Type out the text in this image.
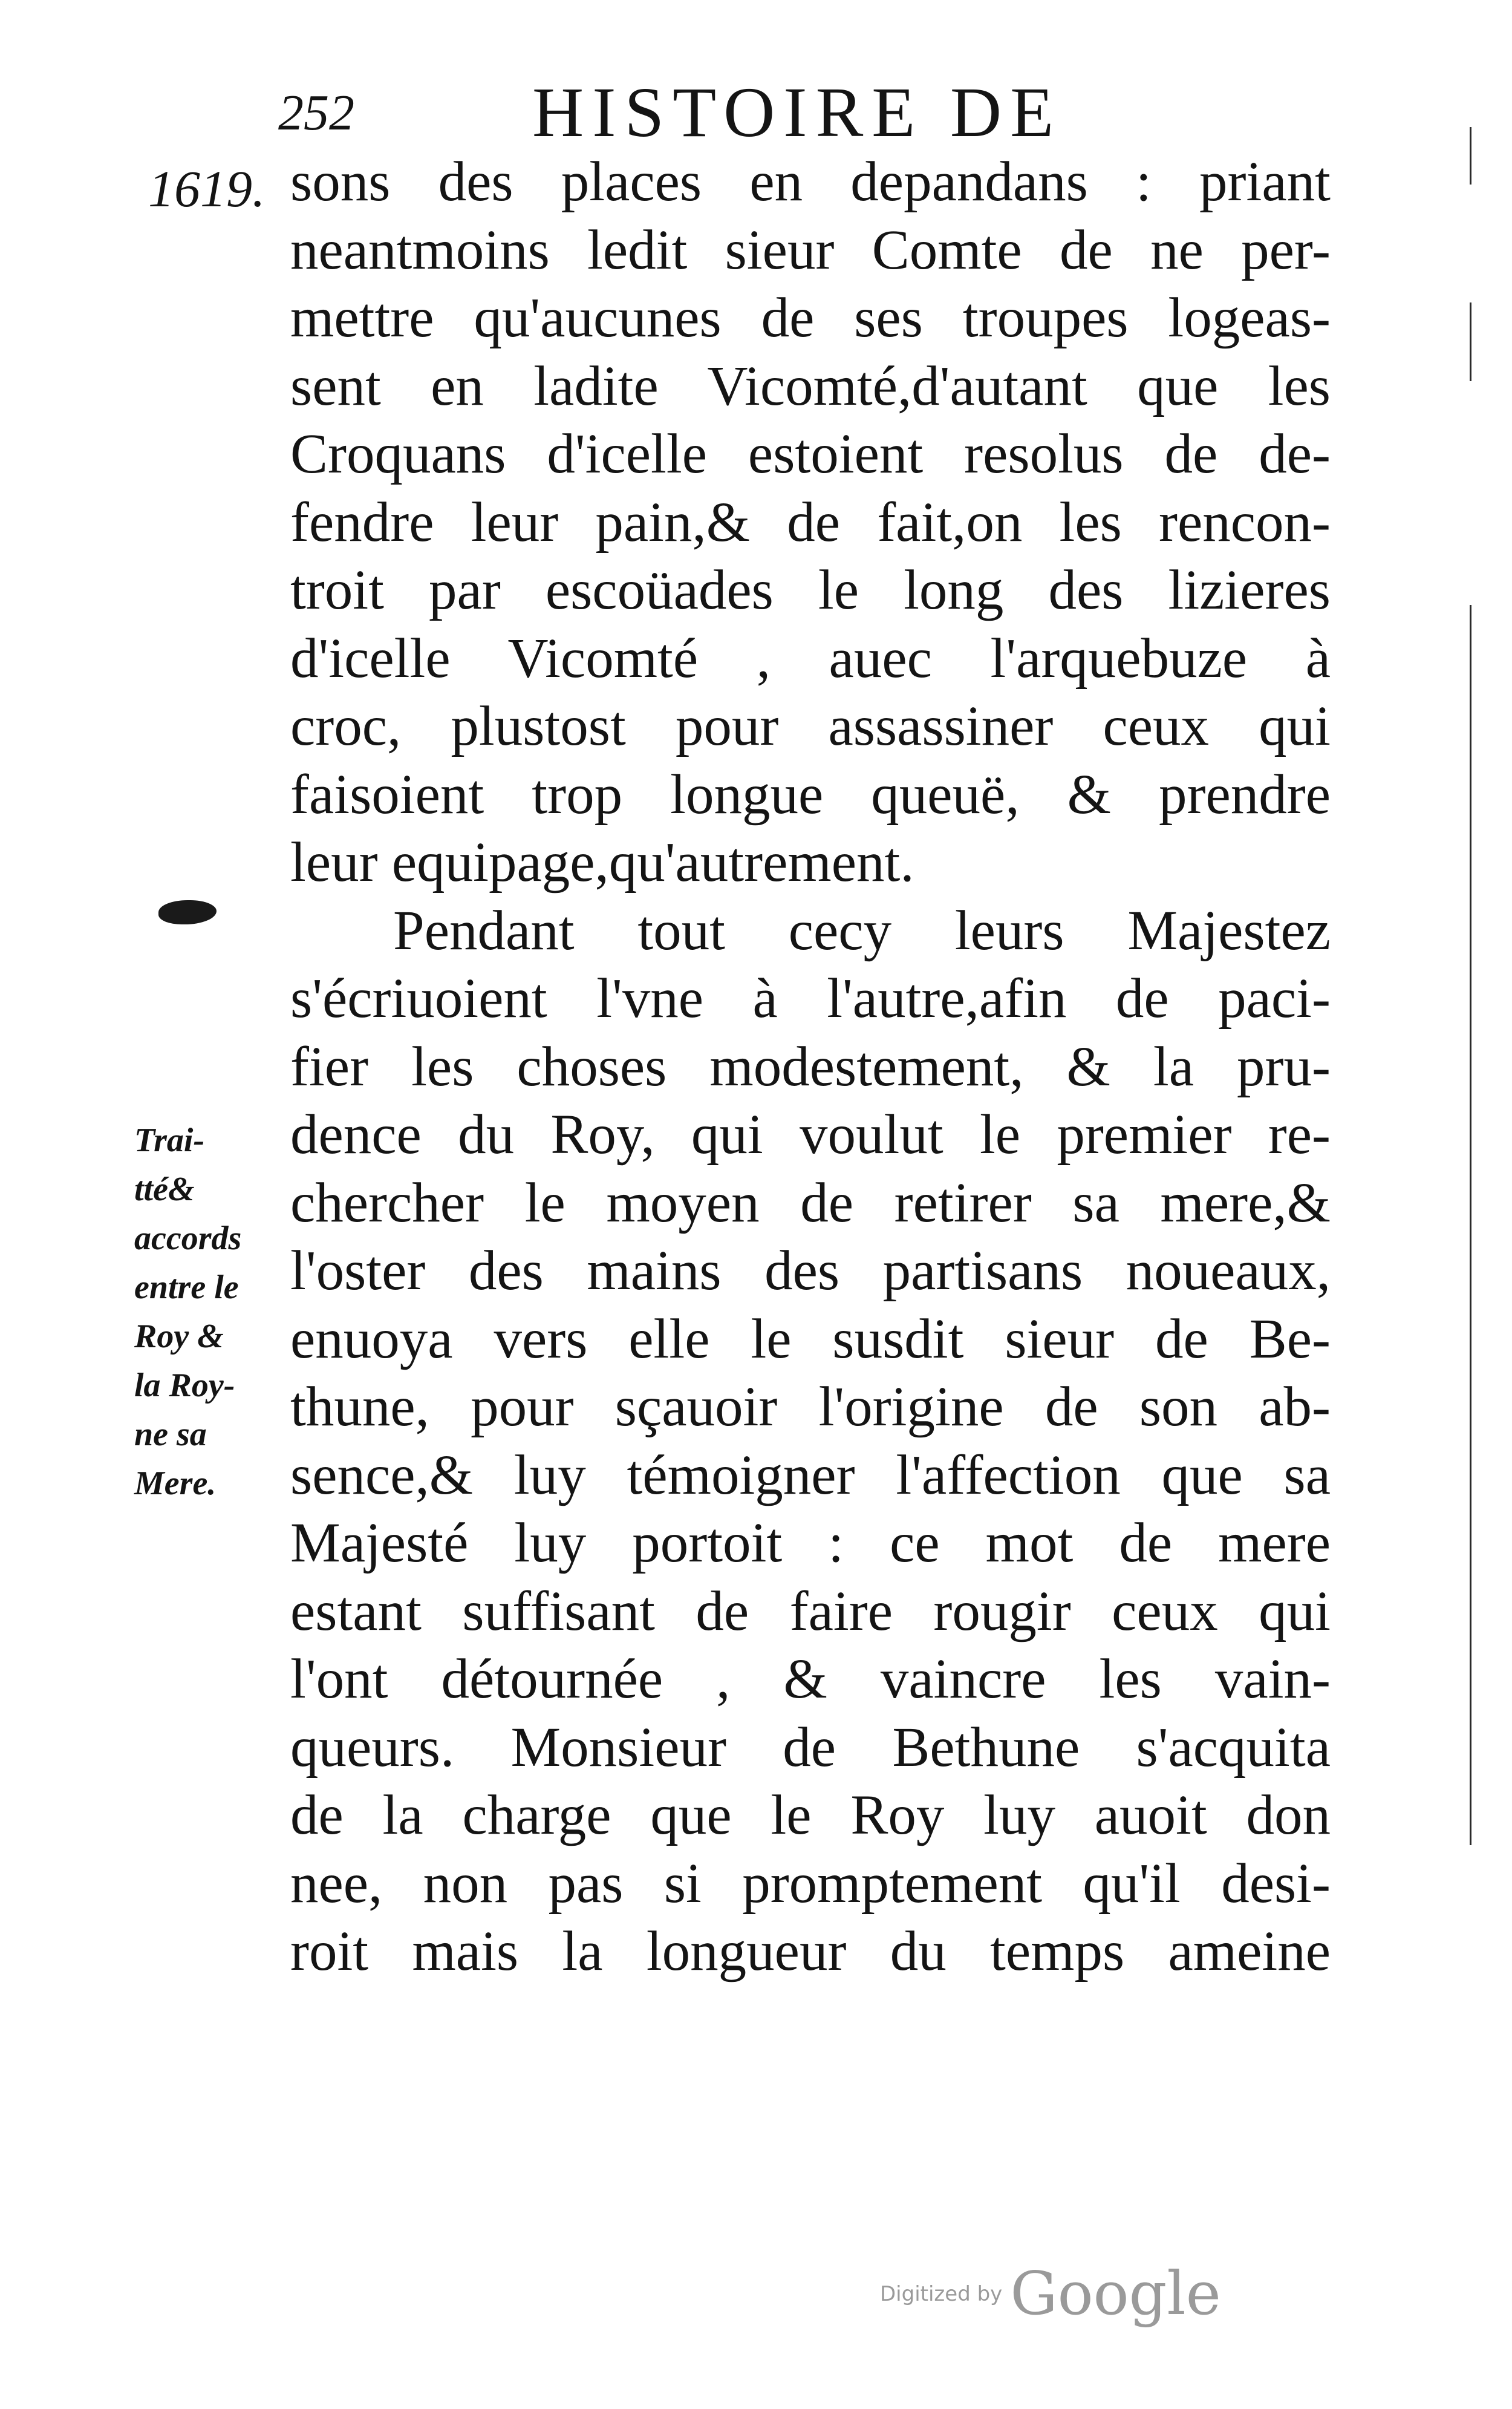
252 HISTOIRE DE
1619.
Trai-
tté&
accords
entre le
Roy &
la Roy-
ne sa
Mere.
sons des places en depandans : priant
neantmoins ledit sieur Comte de ne per-
mettre qu'aucunes de ses troupes logeas-
sent en ladite Vicomté,d'autant que les
Croquans d'icelle estoient resolus de de-
fendre leur pain,& de fait,on les rencon-
troit par escoüades le long des lizieres
d'icelle Vicomté , auec l'arquebuze à
croc, plustost pour assassiner ceux qui
faisoient trop longue queuë, & prendre
leur equipage,qu'autrement.
Pendant tout cecy leurs Majestez
s'écriuoient l'vne à l'autre,afin de paci-
fier les choses modestement, & la pru-
dence du Roy, qui voulut le premier re-
chercher le moyen de retirer sa mere,&
l'oster des mains des partisans noueaux,
enuoya vers elle le susdit sieur de Be-
thune, pour sçauoir l'origine de son ab-
sence,& luy témoigner l'affection que sa
Majesté luy portoit : ce mot de mere
estant suffisant de faire rougir ceux qui
l'ont détournée , & vaincre les vain-
queurs. Monsieur de Bethune s'acquita
de la charge que le Roy luy auoit don
nee, non pas si promptement qu'il desi-
roit mais la longueur du temps ameine
Digitized by Google
